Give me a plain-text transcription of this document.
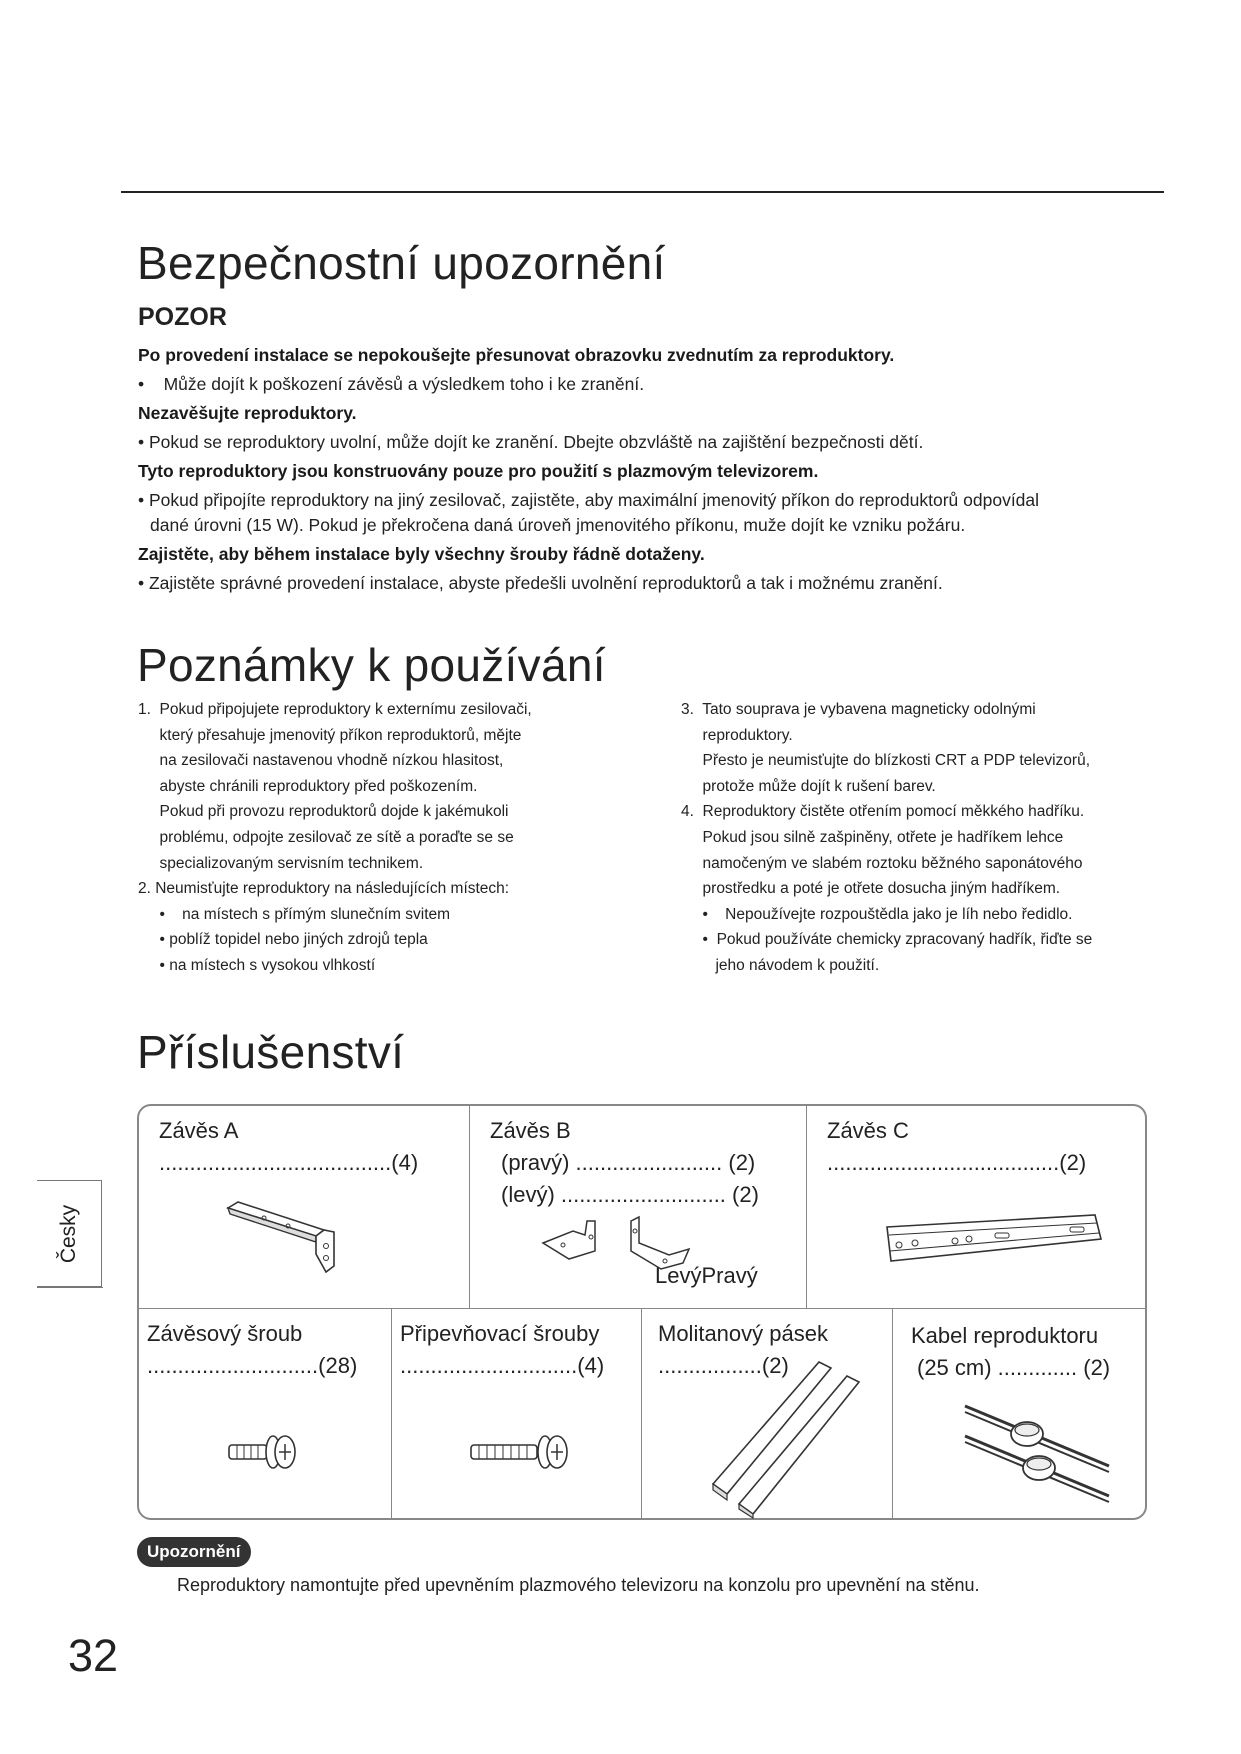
Bezpečnostní upozornění
POZOR
Po provedení instalace se nepokoušejte přesunovat obrazovku zvednutím za reproduktory.
•    Může dojít k poškození závěsů a výsledkem toho i ke zranění.
Nezavěšujte reproduktory.
• Pokud se reproduktory uvolní, může dojít ke zranění. Dbejte obzvláště na zajištění bezpečnosti dětí.
Tyto reproduktory jsou konstruovány pouze pro použití s plazmovým televizorem.
• Pokud připojíte reproduktory na jiný zesilovač, zajistěte, aby maximální jmenovitý příkon do reproduktorů odpovídal
dané úrovni (15 W). Pokud je překročena daná úroveň jmenovitého příkonu, muže dojít ke vzniku požáru.
Zajistěte, aby během instalace byly všechny šrouby řádně dotaženy.
• Zajistěte správné provedení instalace, abyste předešli uvolnění reproduktorů a tak i možnému zranění.
Poznámky k používání
1.  Pokud připojujete reproduktory k externímu zesilovači,
který přesahuje jmenovitý příkon reproduktorů, mějte
na zesilovači nastavenou vhodně nízkou hlasitost,
abyste chránili reproduktory před poškozením.
Pokud při provozu reproduktorů dojde k jakémukoli
problému, odpojte zesilovač ze sítě a poraďte se se
specializovaným servisním technikem.
2. Neumisťujte reproduktory na následujících místech:
•    na místech s přímým slunečním svitem
• poblíž topidel nebo jiných zdrojů tepla
• na místech s vysokou vlhkostí
3.  Tato souprava je vybavena magneticky odolnými
reproduktory.
Přesto je neumisťujte do blízkosti CRT a PDP televizorů,
protože může dojít k rušení barev.
4.  Reproduktory čistěte otřením pomocí měkkého hadříku.
Pokud jsou silně zašpiněny, otřete je hadříkem lehce
namočeným ve slabém roztoku běžného saponátového
prostředku a poté je otřete dosucha jiným hadříkem.
•    Nepoužívejte rozpouštědla jako je líh nebo ředidlo.
•  Pokud používáte chemicky zpracovaný hadřík, řiďte se
jeho návodem k použití.
Příslušenství
Závěs A
......................................(4)
Závěs B
(pravý) ........................ (2)
(levý) ........................... (2)
LevýPravý
Závěs C
......................................(2)
Závěsový šroub
............................(28)
Připevňovací šrouby
.............................(4)
Molitanový pásek
.................(2)
Kabel reproduktoru
(25 cm) ............. (2)
Česky
Upozornění
Reproduktory namontujte před upevněním plazmového televizoru na konzolu pro upevnění na stěnu.
32
